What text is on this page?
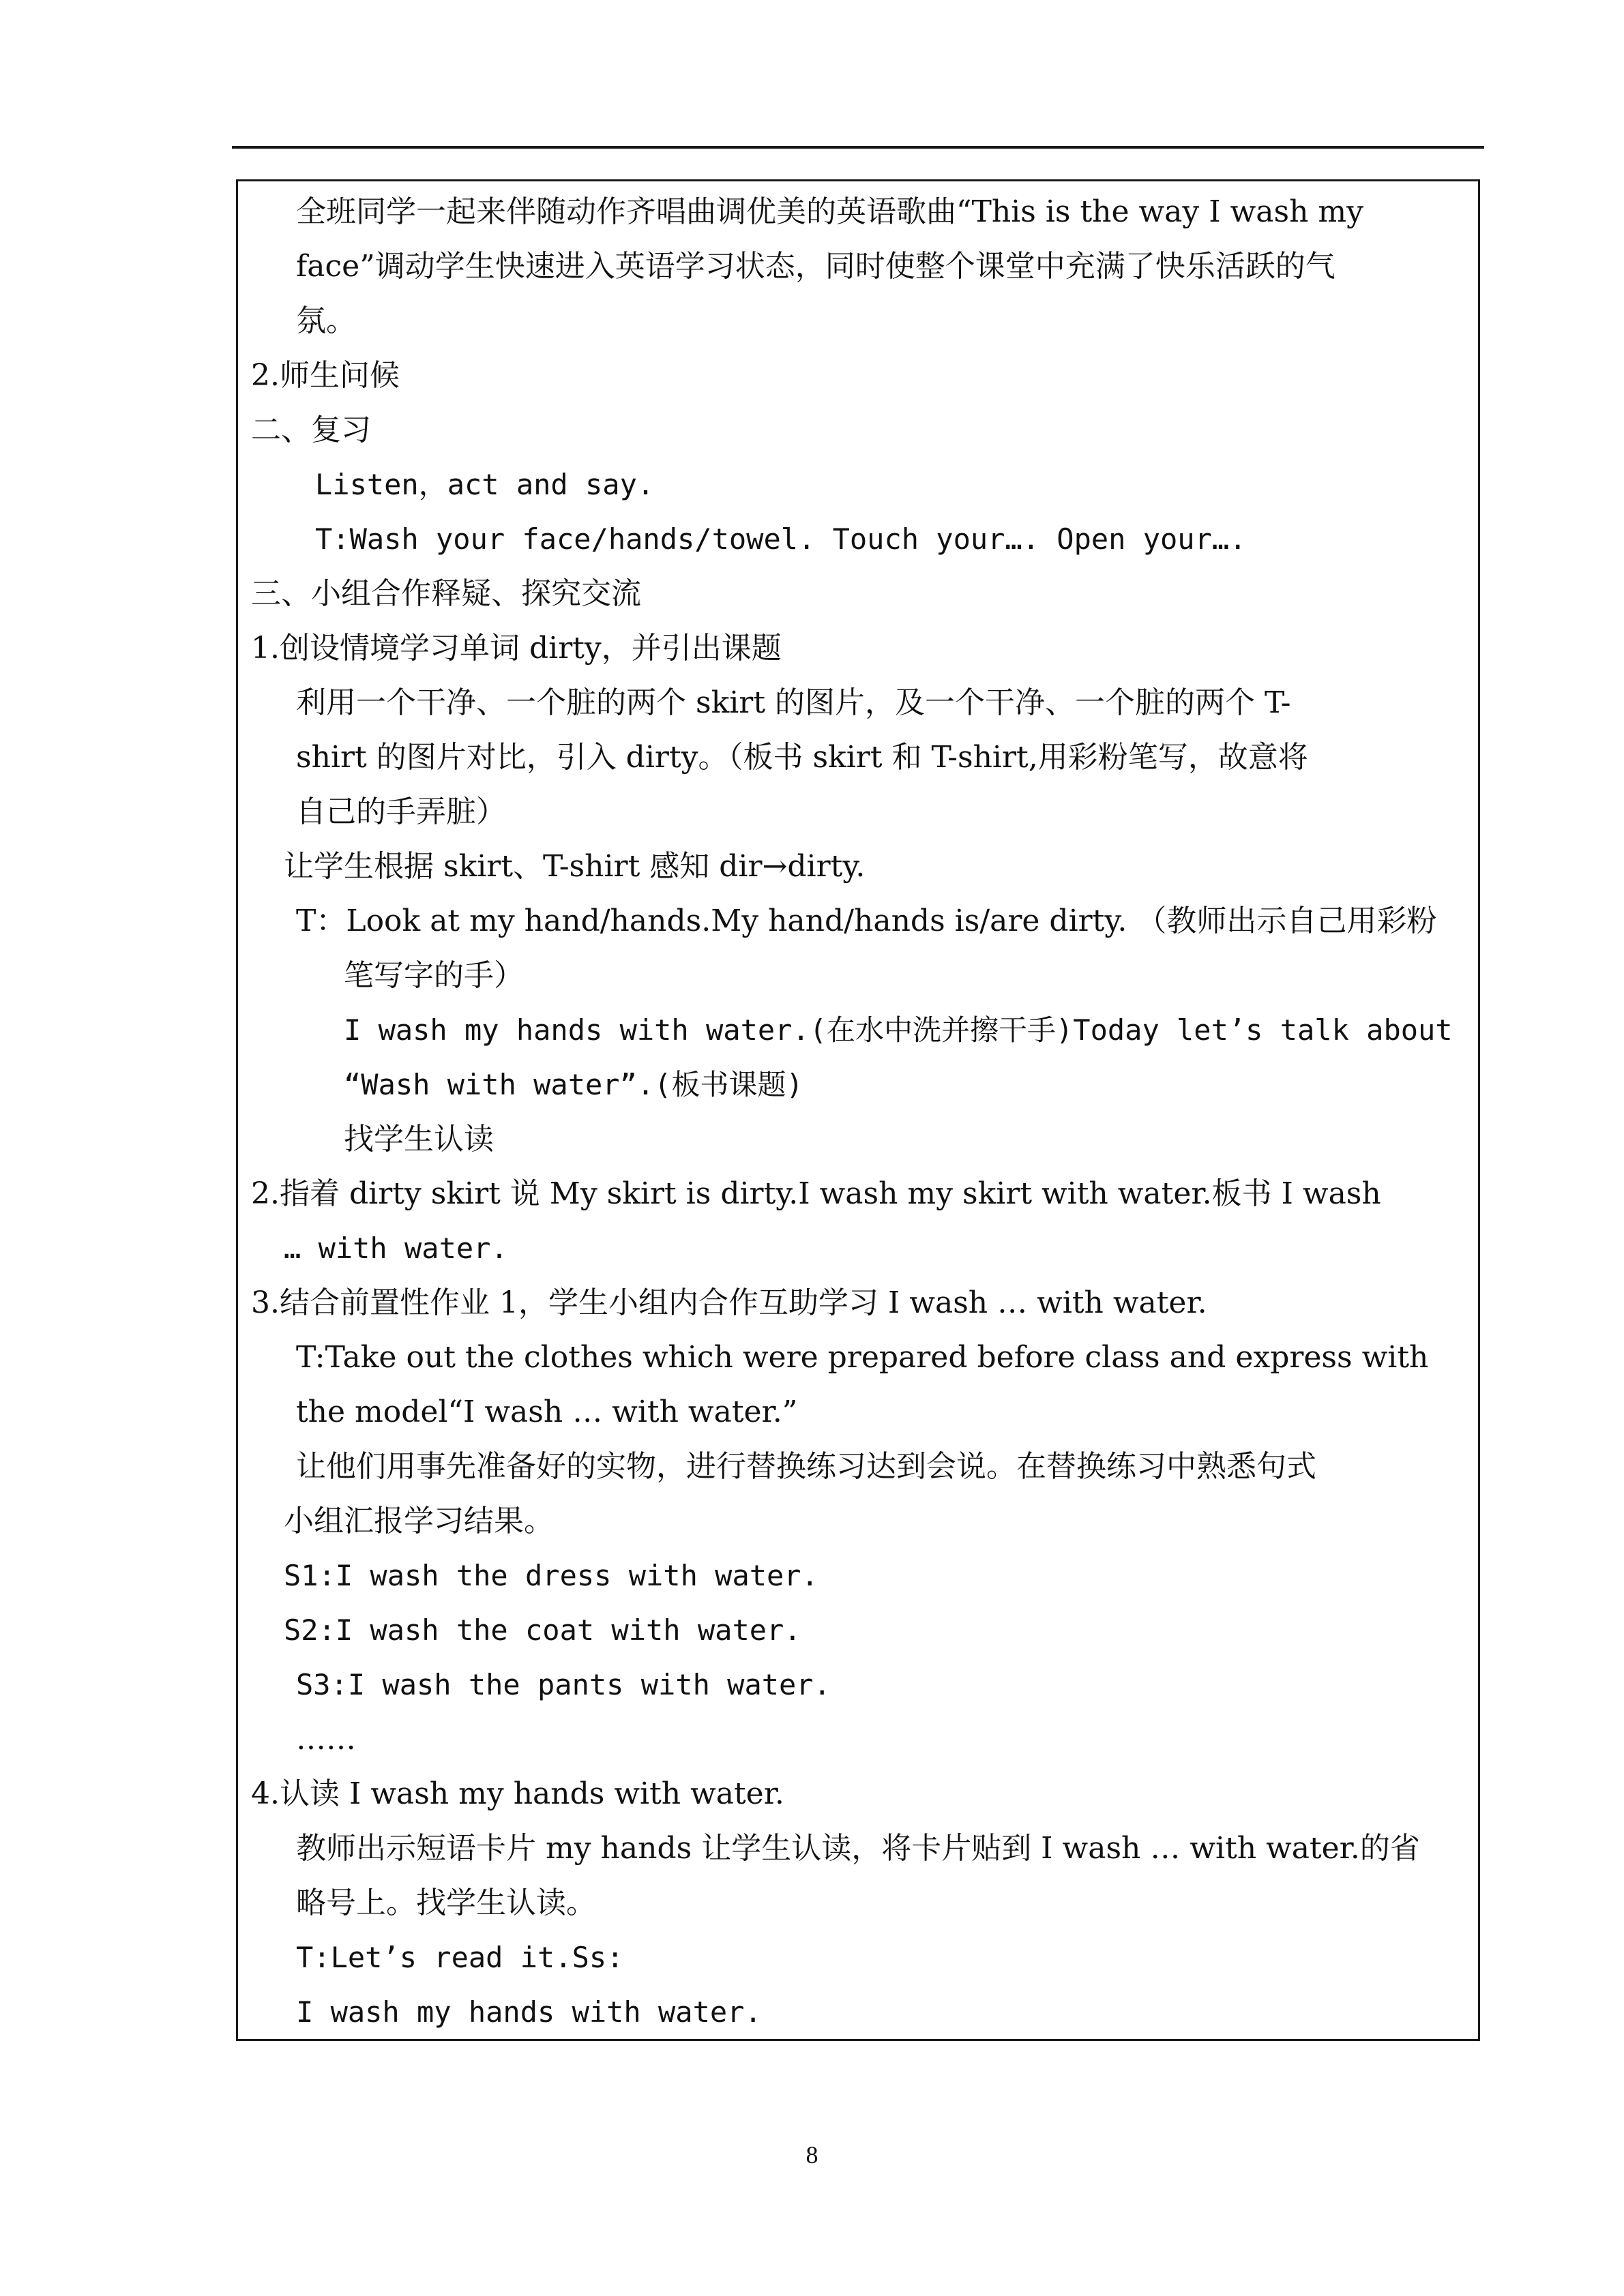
全班同学一起来伴随动作齐唱曲调优美的英语歌曲“This is the way I wash my
face”调动学生快速进入英语学习状态，同时使整个课堂中充满了快乐活跃的气
氛。
2.师生问候
二、复习
Listen，act and say.
T:Wash your face/hands/towel. Touch your…. Open your….
三、小组合作释疑、探究交流
1.创设情境学习单词 dirty，并引出课题
利用一个干净、一个脏的两个 skirt 的图片，及一个干净、一个脏的两个 T-
shirt 的图片对比，引入 dirty。（板书 skirt 和 T-shirt,用彩粉笔写，故意将
自己的手弄脏）
让学生根据 skirt、T-shirt 感知 dir→dirty.
T：Look at my hand/hands.My hand/hands is/are dirty. （教师出示自己用彩粉
笔写字的手）
I wash my hands with water.(在水中洗并擦干手)Today let’s talk about
“Wash with water”.(板书课题)
找学生认读
2.指着 dirty skirt 说 My skirt is dirty.I wash my skirt with water.板书 I wash
… with water.
3.结合前置性作业 1，学生小组内合作互助学习 I wash … with water.
T:Take out the clothes which were prepared before class and express with
the model“I wash … with water.”
让他们用事先准备好的实物，进行替换练习达到会说。在替换练习中熟悉句式
小组汇报学习结果。
S1:I wash the dress with water.
S2:I wash the coat with water.
S3:I wash the pants with water.
……
4.认读 I wash my hands with water.
教师出示短语卡片 my hands 让学生认读，将卡片贴到 I wash … with water.的省
略号上。找学生认读。
T:Let’s read it.Ss:
I wash my hands with water.
8
